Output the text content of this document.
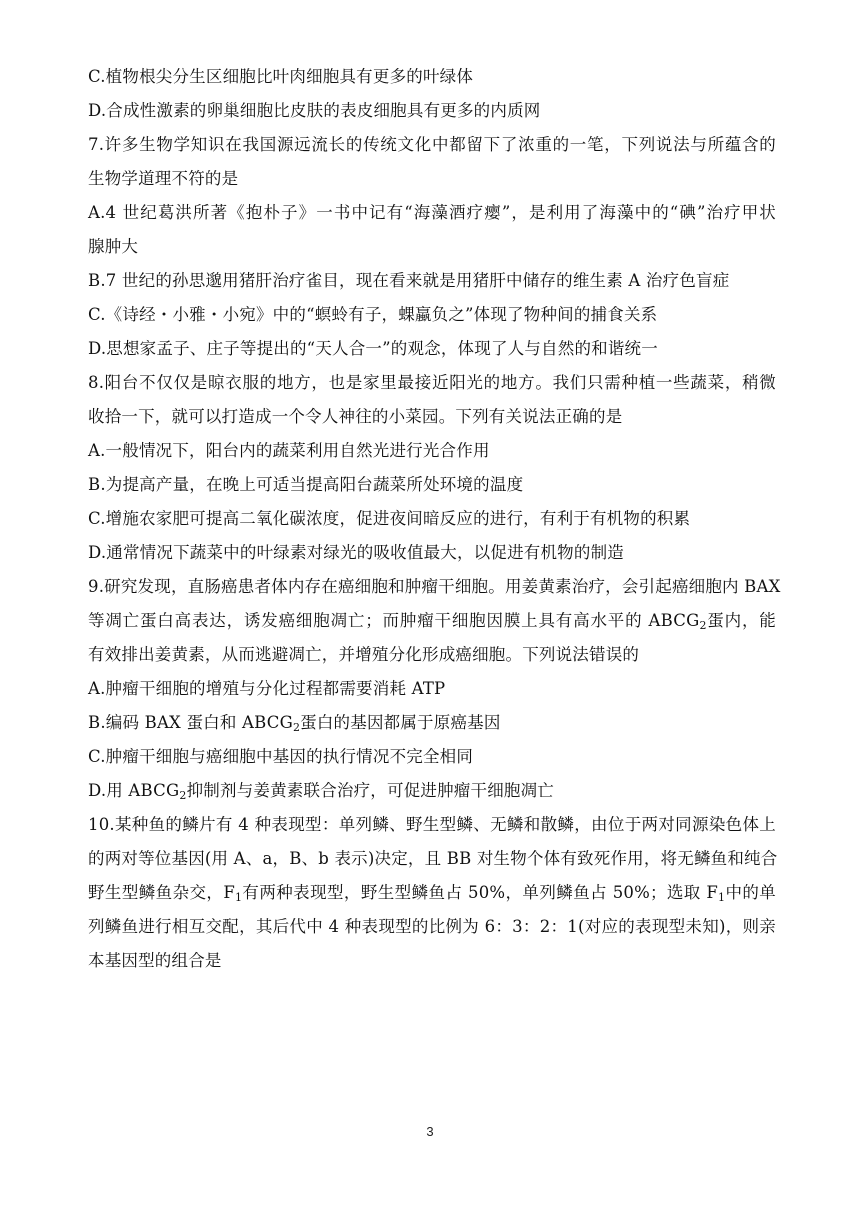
C.植物根尖分生区细胞比叶肉细胞具有更多的叶绿体
D.合成性激素的卵巢细胞比皮肤的表皮细胞具有更多的内质网
7.许多生物学知识在我国源远流长的传统文化中都留下了浓重的一笔，下列说法与所蕴含的
生物学道理不符的是
A.4 世纪葛洪所著《抱朴子》一书中记有“海藻酒疗瘿”，是利用了海藻中的“碘”治疗甲状
腺肿大
B.7 世纪的孙思邈用猪肝治疗雀目，现在看来就是用猪肝中储存的维生素 A 治疗色盲症
C.《诗经・小雅・小宛》中的“螟蛉有子，蜾蠃负之”体现了物种间的捕食关系
D.思想家孟子、庄子等提出的“天人合一”的观念，体现了人与自然的和谐统一
8.阳台不仅仅是晾衣服的地方，也是家里最接近阳光的地方。我们只需种植一些蔬菜，稍微
收拾一下，就可以打造成一个令人神往的小菜园。下列有关说法正确的是
A.一般情况下，阳台内的蔬菜利用自然光进行光合作用
B.为提高产量，在晚上可适当提高阳台蔬菜所处环境的温度
C.增施农家肥可提高二氧化碳浓度，促进夜间暗反应的进行，有利于有机物的积累
D.通常情况下蔬菜中的叶绿素对绿光的吸收值最大，以促进有机物的制造
9.研究发现，直肠癌患者体内存在癌细胞和肿瘤干细胞。用姜黄素治疗，会引起癌细胞内 BAX
等凋亡蛋白高表达，诱发癌细胞凋亡；而肿瘤干细胞因膜上具有高水平的 $ABCG_2$蛋内，能
有效排出姜黄素，从而逃避凋亡，并增殖分化形成癌细胞。下列说法错误的
A.肿瘤干细胞的增殖与分化过程都需要消耗 ATP
B.编码 BAX 蛋白和 $ABCG_2$蛋白的基因都属于原癌基因
C.肿瘤干细胞与癌细胞中基因的执行情况不完全相同
D.用 $ABCG_2$抑制剂与姜黄素联合治疗，可促进肿瘤干细胞凋亡
10.某种鱼的鳞片有 4 种表现型：单列鳞、野生型鳞、无鳞和散鳞，由位于两对同源染色体上
的两对等位基因(用 A、a，B、b 表示)决定，且 BB 对生物个体有致死作用，将无鳞鱼和纯合
野生型鳞鱼杂交，$F_1$有两种表现型，野生型鳞鱼占 50%，单列鳞鱼占 50%；选取 $F_1$中的单
列鳞鱼进行相互交配，其后代中 4 种表现型的比例为 6：3：2：1(对应的表现型未知)，则亲
本基因型的组合是
3
